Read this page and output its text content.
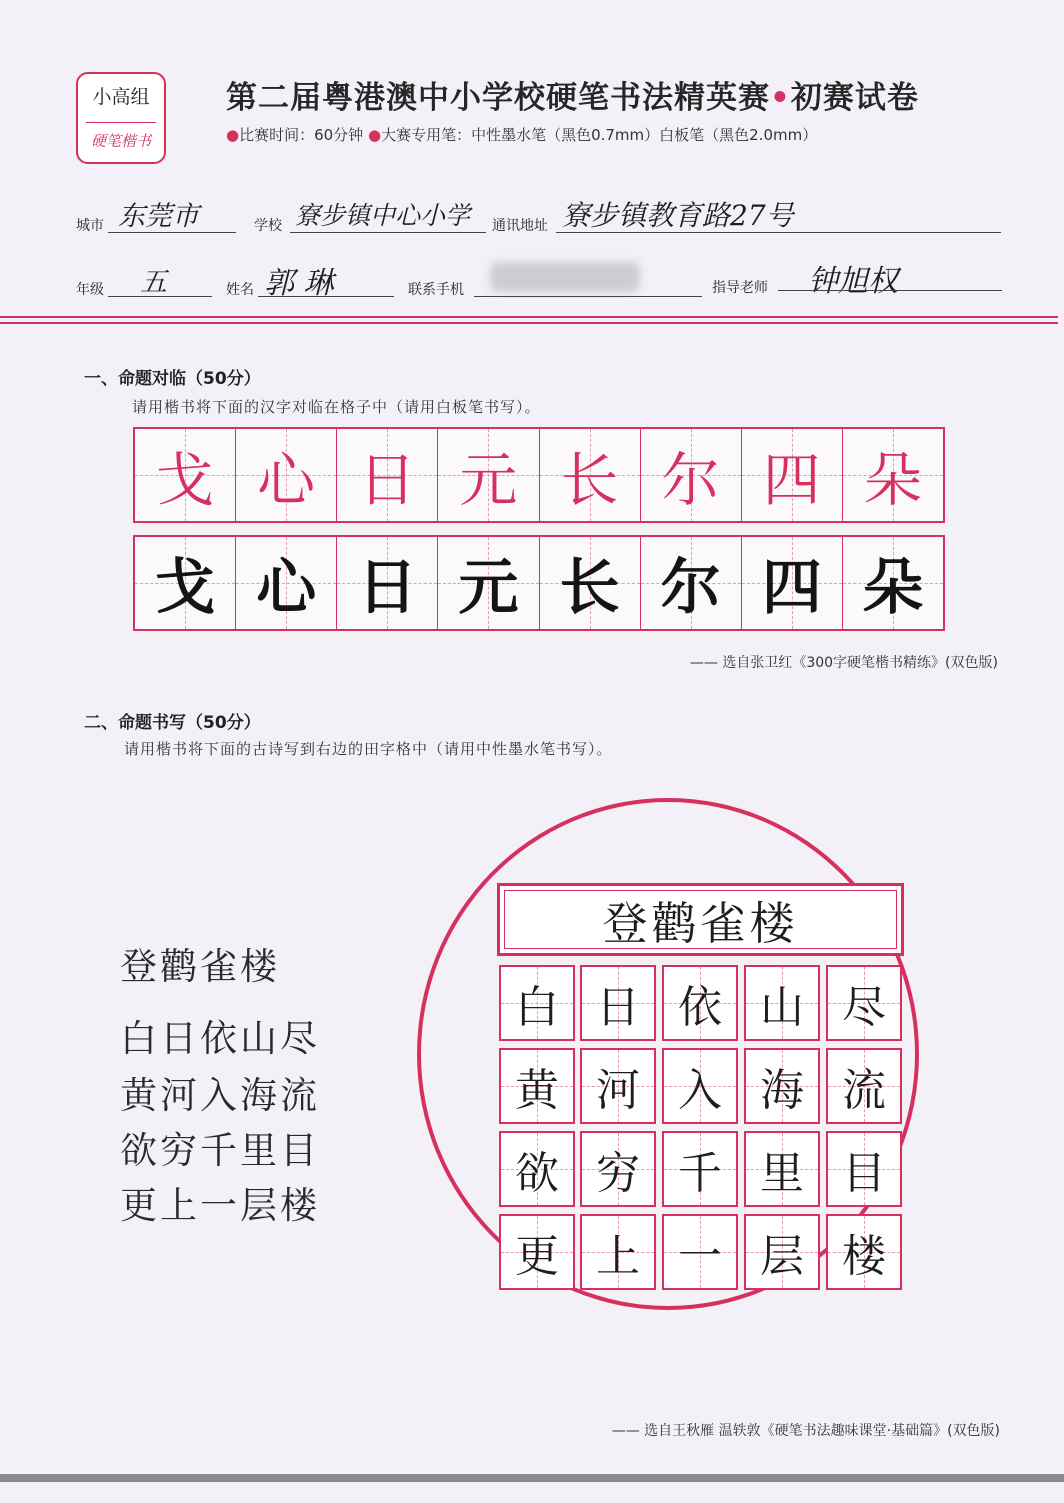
小高组
硬笔楷书
第二届粤港澳中小学校硬笔书法精英赛•初赛试卷
●比赛时间：60分钟 ●大赛专用笔：中性墨水笔（黑色0.7mm）白板笔（黑色2.0mm）
城市 东莞市	学校 寮步镇中心小学 通讯地址 寮步镇教育路27号
年级 五	姓名 郭 琳	联系手机	指导老师 钟旭权
一、命题对临（50分）
请用楷书将下面的汉字对临在格子中（请用白板笔书写）。
戈 心 日 元 长 尔 四 朵
戈 心 日 元 长 尔 四 朵
—— 选自张卫红《300字硬笔楷书精练》(双色版)
二、命题书写（50分）
请用楷书将下面的古诗写到右边的田字格中（请用中性墨水笔书写）。
登鹳雀楼
白日依山尽
黄河入海流
欲穷千里目
更上一层楼
登鹳雀楼
白 日 依 山 尽
黄 河 入 海 流
欲 穷 千 里 目
更 上 一 层 楼
—— 选自王秋雁 温轶敦《硬笔书法趣味课堂·基础篇》(双色版)
